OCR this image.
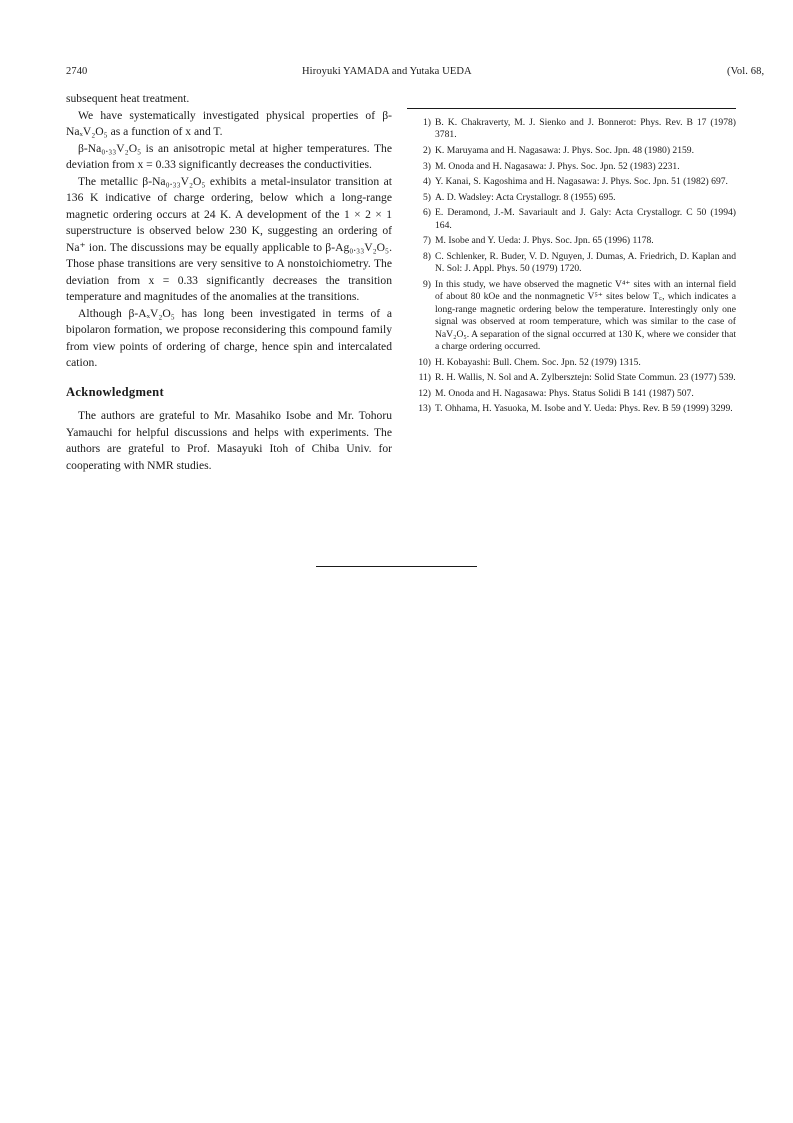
2740	Hiroyuki YAMADA and Yutaka UEDA	(Vol. 68,

subsequent heat treatment.

We have systematically investigated physical properties of β-NaₓV₂O₅ as a function of x and T.

β-Na₀.₃₃V₂O₅ is an anisotropic metal at higher temperatures. The deviation from x = 0.33 significantly decreases the conductivities.

The metallic β-Na₀.₃₃V₂O₅ exhibits a metal-insulator transition at 136 K indicative of charge ordering, below which a long-range magnetic ordering occurs at 24 K. A development of the 1 × 2 × 1 superstructure is observed below 230 K, suggesting an ordering of Na⁺ ion. The discussions may be equally applicable to β-Ag₀.₃₃V₂O₅. Those phase transitions are very sensitive to A nonstoichiometry. The deviation from x = 0.33 significantly decreases the transition temperature and magnitudes of the anomalies at the transitions.

Although β-AₓV₂O₅ has long been investigated in terms of a bipolaron formation, we propose reconsidering this compound family from view points of ordering of charge, hence spin and intercalated cation.

Acknowledgment

The authors are grateful to Mr. Masahiko Isobe and Mr. Tohoru Yamauchi for helpful discussions and helps with experiments. The authors are grateful to Prof. Masayuki Itoh of Chiba Univ. for cooperating with NMR studies.

1) B. K. Chakraverty, M. J. Sienko and J. Bonnerot: Phys. Rev. B 17 (1978) 3781.
2) K. Maruyama and H. Nagasawa: J. Phys. Soc. Jpn. 48 (1980) 2159.
3) M. Onoda and H. Nagasawa: J. Phys. Soc. Jpn. 52 (1983) 2231.
4) Y. Kanai, S. Kagoshima and H. Nagasawa: J. Phys. Soc. Jpn. 51 (1982) 697.
5) A. D. Wadsley: Acta Crystallogr. 8 (1955) 695.
6) E. Deramond, J.-M. Savariault and J. Galy: Acta Crystallogr. C 50 (1994) 164.
7) M. Isobe and Y. Ueda: J. Phys. Soc. Jpn. 65 (1996) 1178.
8) C. Schlenker, R. Buder, V. D. Nguyen, J. Dumas, A. Friedrich, D. Kaplan and N. Sol: J. Appl. Phys. 50 (1979) 1720.
9) In this study, we have observed the magnetic V⁴⁺ sites with an internal field of about 80 kOe and the nonmagnetic V⁵⁺ sites below T꜀, which indicates a long-range magnetic ordering below the temperature. Interestingly only one signal was observed at room temperature, which was similar to the case of NaV₂O₅. A separation of the signal occurred at 130 K, where we consider that a charge ordering occurred.
10) H. Kobayashi: Bull. Chem. Soc. Jpn. 52 (1979) 1315.
11) R. H. Wallis, N. Sol and A. Zylbersztejn: Solid State Commun. 23 (1977) 539.
12) M. Onoda and H. Nagasawa: Phys. Status Solidi B 141 (1987) 507.
13) T. Ohhama, H. Yasuoka, M. Isobe and Y. Ueda: Phys. Rev. B 59 (1999) 3299.
